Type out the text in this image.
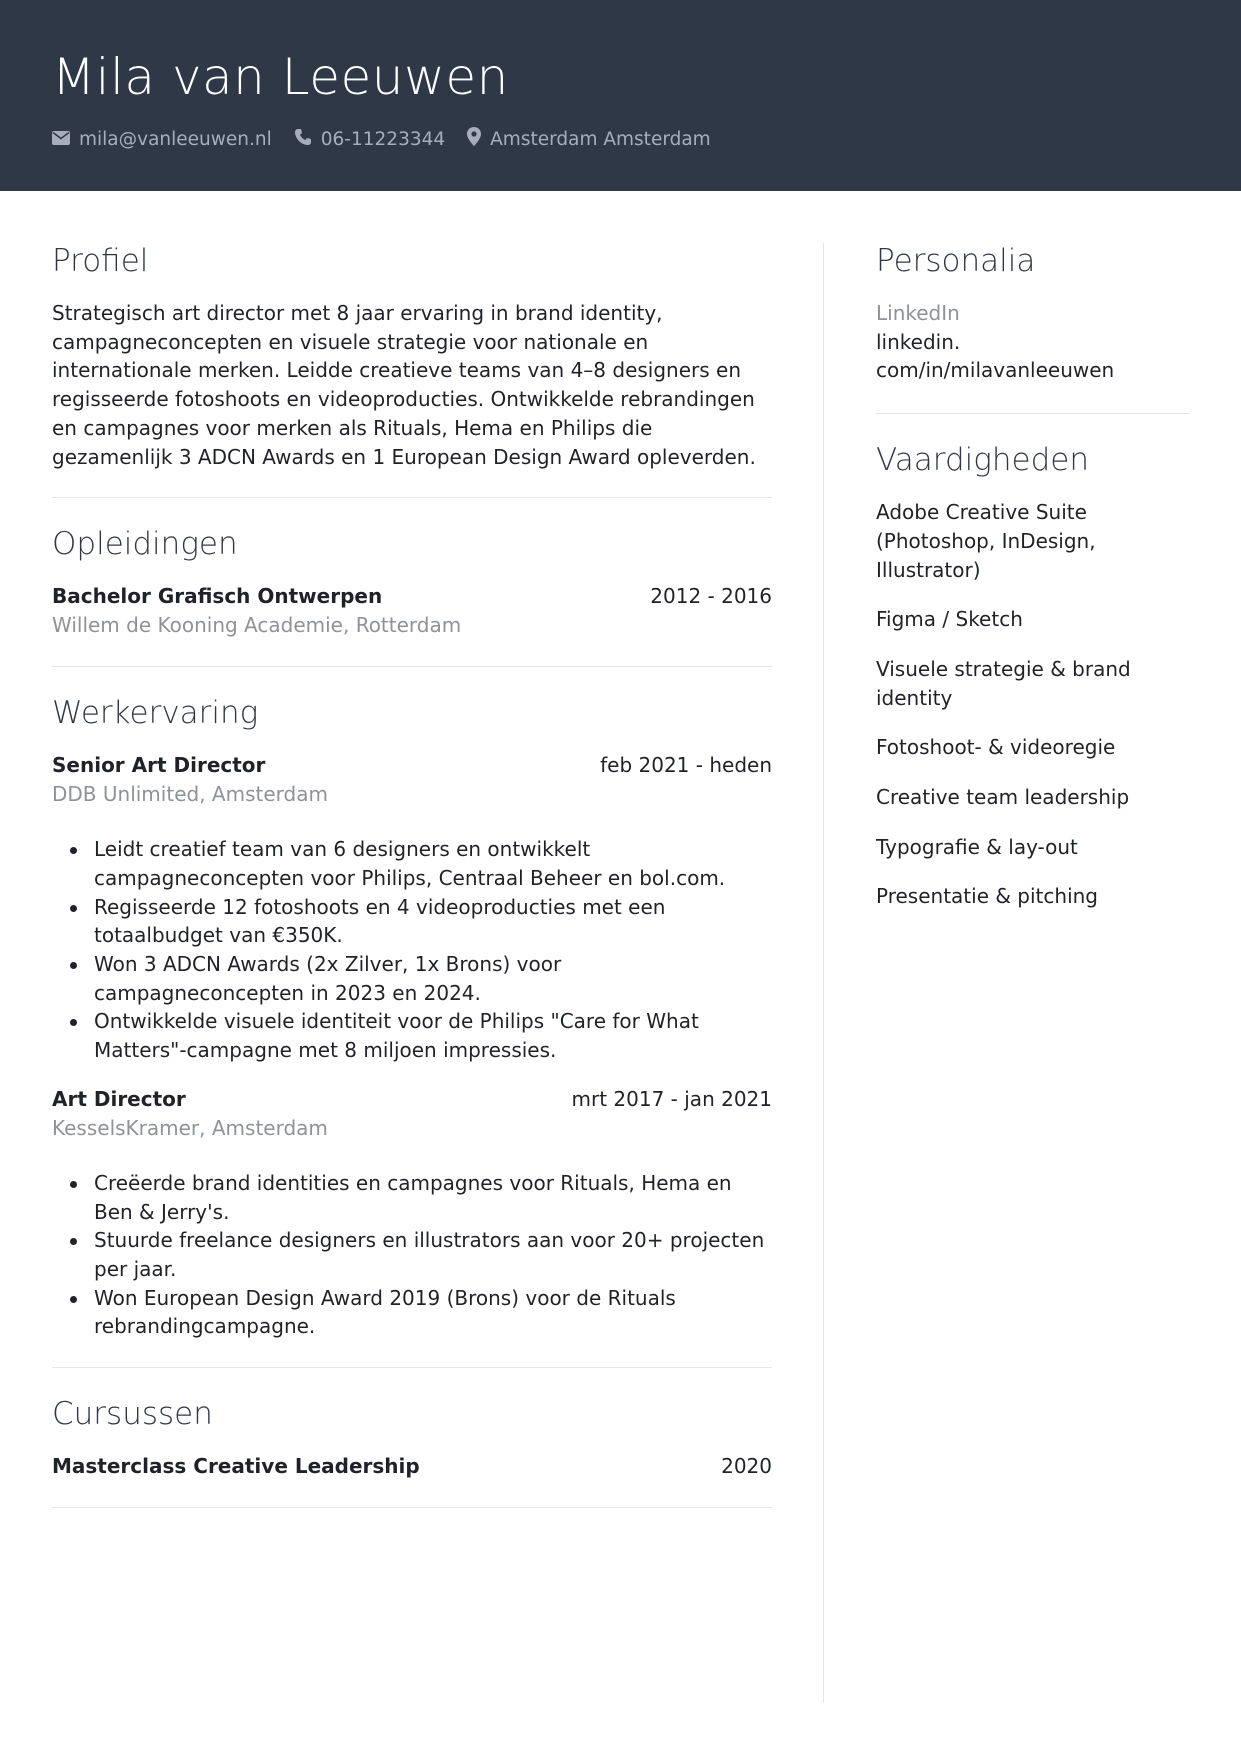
Mila van Leeuwen
mila@vanleeuwen.nl	06-11223344 Amsterdam Amsterdam
Profiel

Strategisch art director met 8 jaar ervaring in brand identity, campagneconcepten en visuele strategie voor nationale en internationale merken. Leidde creatieve teams van 4–8 designers en regisseerde fotoshoots en videoproducties. Ontwikkelde rebrandingen en campagnes voor merken als Rituals, Hema en Philips die gezamenlijk 3 ADCN Awards en 1 European Design Award opleverden.

Opleidingen
Bachelor Grafisch Ontwerpen	2012 - 2016
Willem de Kooning Academie, Rotterdam
Werkervaring
Senior Art Director	feb 2021 - heden
DDB Unlimited, Amsterdam
Leidt creatief team van 6 designers en ontwikkelt campagneconcepten voor Philips, Centraal Beheer en bol.com.
Regisseerde 12 fotoshoots en 4 videoproducties met een totaalbudget van €350K.
Won 3 ADCN Awards (2x Zilver, 1x Brons) voor campagneconcepten in 2023 en 2024.
Ontwikkelde visuele identiteit voor de Philips "Care for What Matters"-campagne met 8 miljoen impressies.
Art Director	mrt 2017 - jan 2021
KesselsKramer, Amsterdam
Creëerde brand identities en campagnes voor Rituals, Hema en Ben & Jerry's.
Stuurde freelance designers en illustrators aan voor 20+ projecten per jaar.
Won European Design Award 2019 (Brons) voor de Rituals rebrandingcampagne.
Cursussen
Masterclass Creative Leadership	2020
Personalia
LinkedIn
linkedin.
com/in/milavanleeuwen
Vaardigheden
Adobe Creative Suite (Photoshop, InDesign, Illustrator)
Figma / Sketch
Visuele strategie & brand identity
Fotoshoot- & videoregie
Creative team leadership
Typografie & lay-out
Presentatie & pitching
